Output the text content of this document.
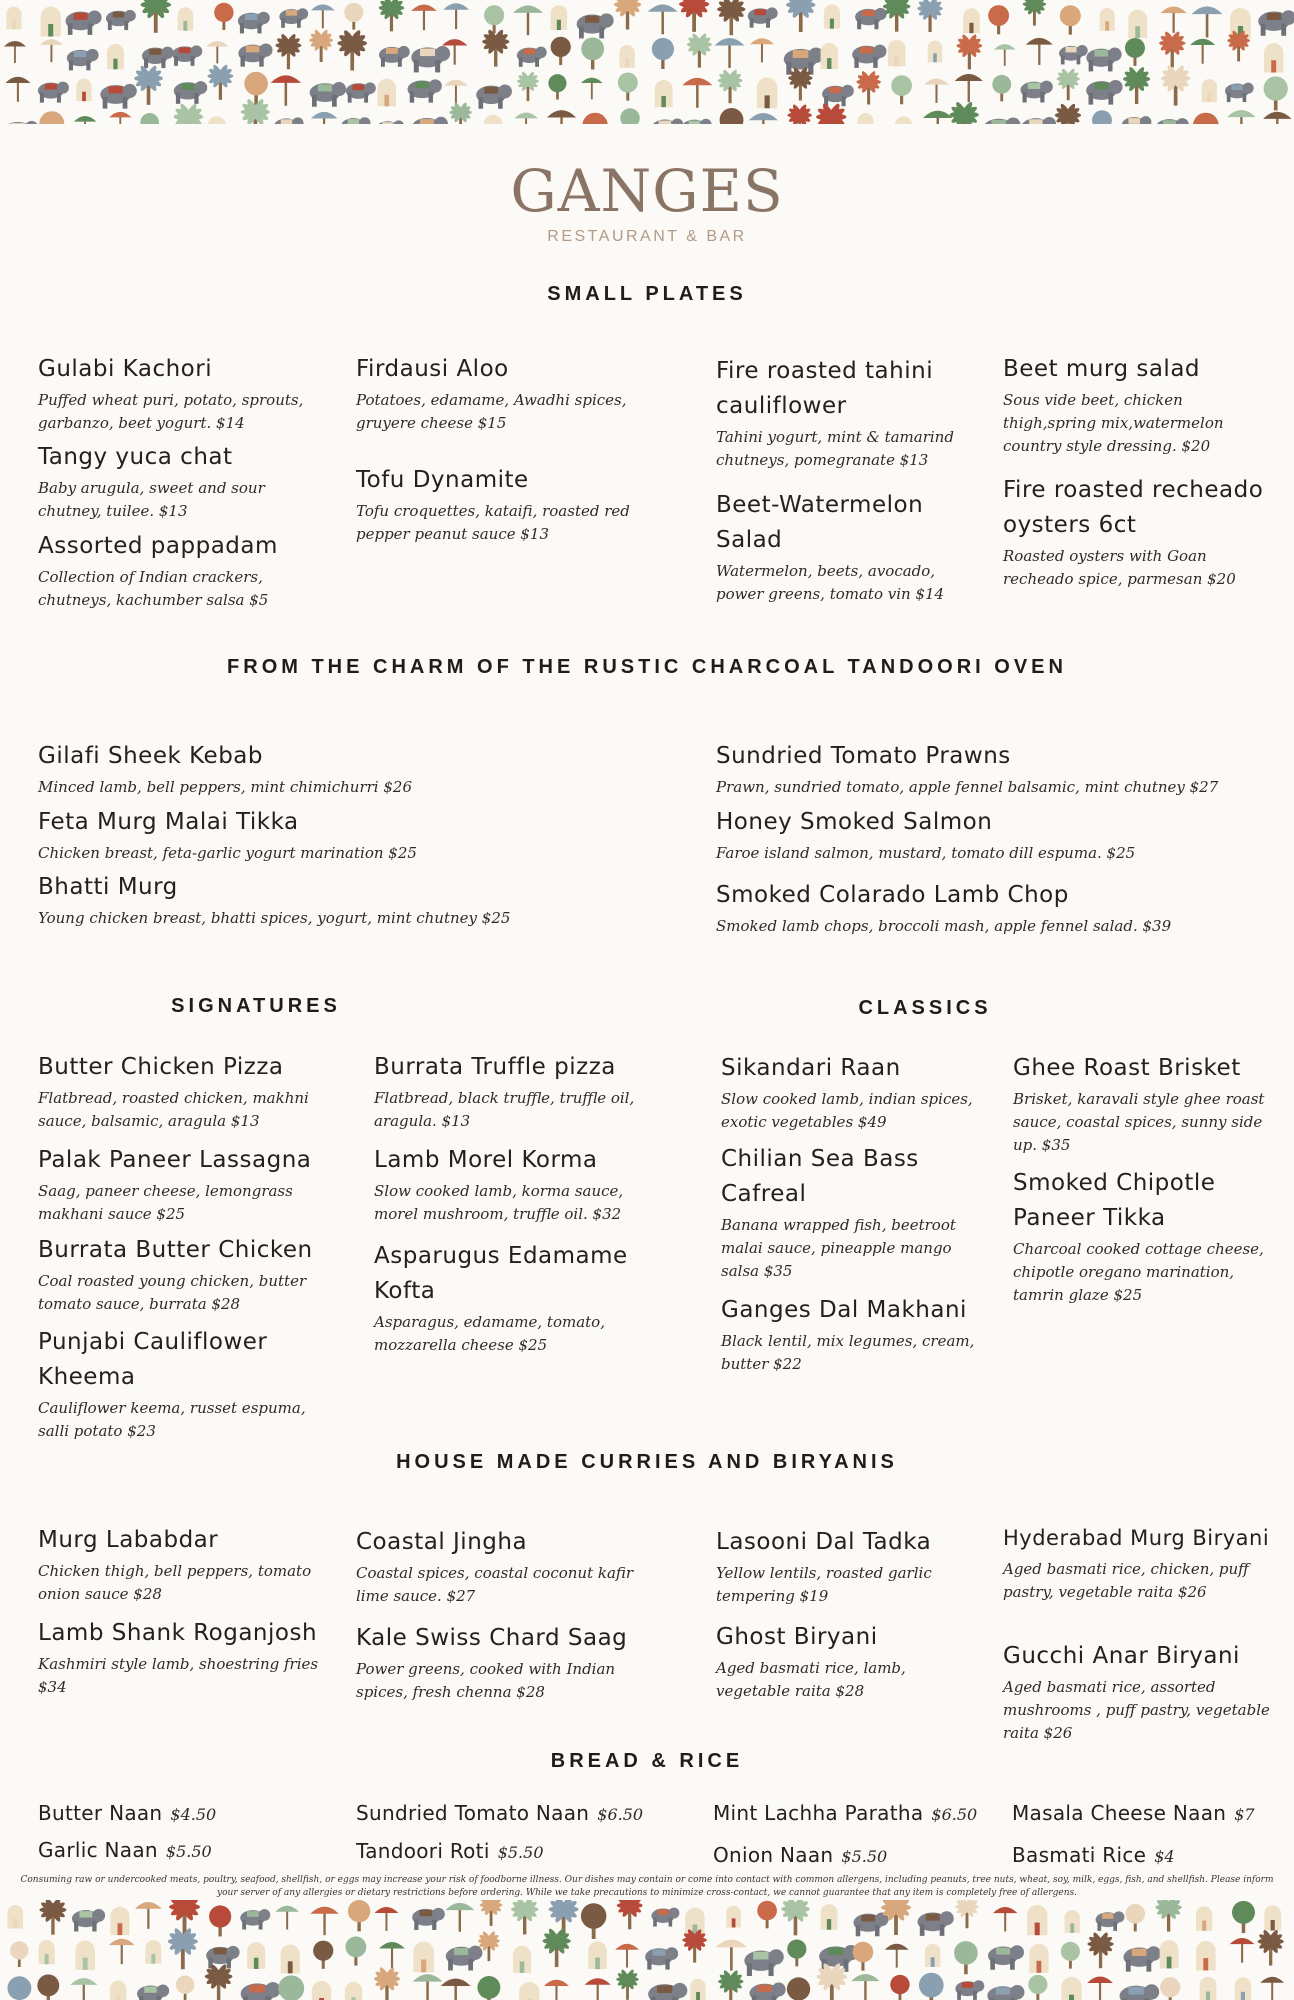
GANGES
RESTAURANT & BAR
SMALL PLATES
Gulabi Kachori
Puffed wheat puri, potato, sprouts, garbanzo, beet yogurt. $14
Tangy yuca chat
Baby arugula, sweet and sour chutney, tuilee. $13
Assorted pappadam
Collection of Indian crackers, chutneys, kachumber salsa $5
Firdausi Aloo
Potatoes, edamame, Awadhi spices, gruyere cheese $15
Tofu Dynamite
Tofu croquettes, kataifi, roasted red pepper peanut sauce $13
Fire roasted tahini cauliflower
Tahini yogurt, mint & tamarind chutneys, pomegranate $13
Beet-Watermelon Salad
Watermelon, beets, avocado, power greens, tomato vin $14
Beet murg salad
Sous vide beet, chicken thigh,spring mix,watermelon country style dressing. $20
Fire roasted recheado oysters 6ct
Roasted oysters with Goan recheado spice, parmesan $20
FROM THE CHARM OF THE RUSTIC CHARCOAL TANDOORI OVEN
Gilafi Sheek Kebab
Minced lamb, bell peppers, mint chimichurri $26
Feta Murg Malai Tikka
Chicken breast, feta-garlic yogurt marination $25
Bhatti Murg
Young chicken breast, bhatti spices, yogurt, mint chutney $25
Sundried Tomato Prawns
Prawn, sundried tomato, apple fennel balsamic, mint chutney $27
Honey Smoked Salmon
Faroe island salmon, mustard, tomato dill espuma. $25
Smoked Colarado Lamb Chop
Smoked lamb chops, broccoli mash, apple fennel salad. $39
SIGNATURES
Butter Chicken Pizza
Flatbread, roasted chicken, makhni sauce, balsamic, aragula $13
Palak Paneer Lassagna
Saag, paneer cheese, lemongrass makhani sauce $25
Burrata Butter Chicken
Coal roasted young chicken, butter tomato sauce, burrata $28
Punjabi Cauliflower Kheema
Cauliflower keema, russet espuma, salli potato $23
Burrata Truffle pizza
Flatbread, black truffle, truffle oil, aragula. $13
Lamb Morel Korma
Slow cooked lamb, korma sauce, morel mushroom, truffle oil. $32
Asparugus Edamame Kofta
Asparagus, edamame, tomato, mozzarella cheese $25
CLASSICS
Sikandari Raan
Slow cooked lamb, indian spices, exotic vegetables $49
Chilian Sea Bass Cafreal
Banana wrapped fish, beetroot malai sauce, pineapple mango salsa $35
Ganges Dal Makhani
Black lentil, mix legumes, cream, butter $22
Ghee Roast Brisket
Brisket, karavali style ghee roast sauce, coastal spices, sunny side up. $35
Smoked Chipotle Paneer Tikka
Charcoal cooked cottage cheese, chipotle oregano marination, tamrin glaze $25
HOUSE MADE CURRIES AND BIRYANIS
Murg Lababdar
Chicken thigh, bell peppers, tomato onion sauce $28
Lamb Shank Roganjosh
Kashmiri style lamb, shoestring fries $34
Coastal Jingha
Coastal spices, coastal coconut kafir lime sauce. $27
Kale Swiss Chard Saag
Power greens, cooked with Indian spices, fresh chenna $28
Lasooni Dal Tadka
Yellow lentils, roasted garlic tempering $19
Ghost Biryani
Aged basmati rice, lamb, vegetable raita $28
Hyderabad Murg Biryani
Aged basmati rice, chicken, puff pastry, vegetable raita $26
Gucchi Anar Biryani
Aged basmati rice, assorted mushrooms , puff pastry, vegetable raita $26
BREAD & RICE
Butter Naan $4.50
Garlic Naan $5.50
Sundried Tomato Naan $6.50
Tandoori Roti $5.50
Mint Lachha Paratha $6.50
Onion Naan $5.50
Masala Cheese Naan $7
Basmati Rice $4
Consuming raw or undercooked meats, poultry, seafood, shellfish, or eggs may increase your risk of foodborne illness. Our dishes may contain or come into contact with common allergens, including peanuts, tree nuts, wheat, soy, milk, eggs, fish, and shellfish. Please inform your server of any allergies or dietary restrictions before ordering. While we take precautions to minimize cross-contact, we cannot guarantee that any item is completely free of allergens.
